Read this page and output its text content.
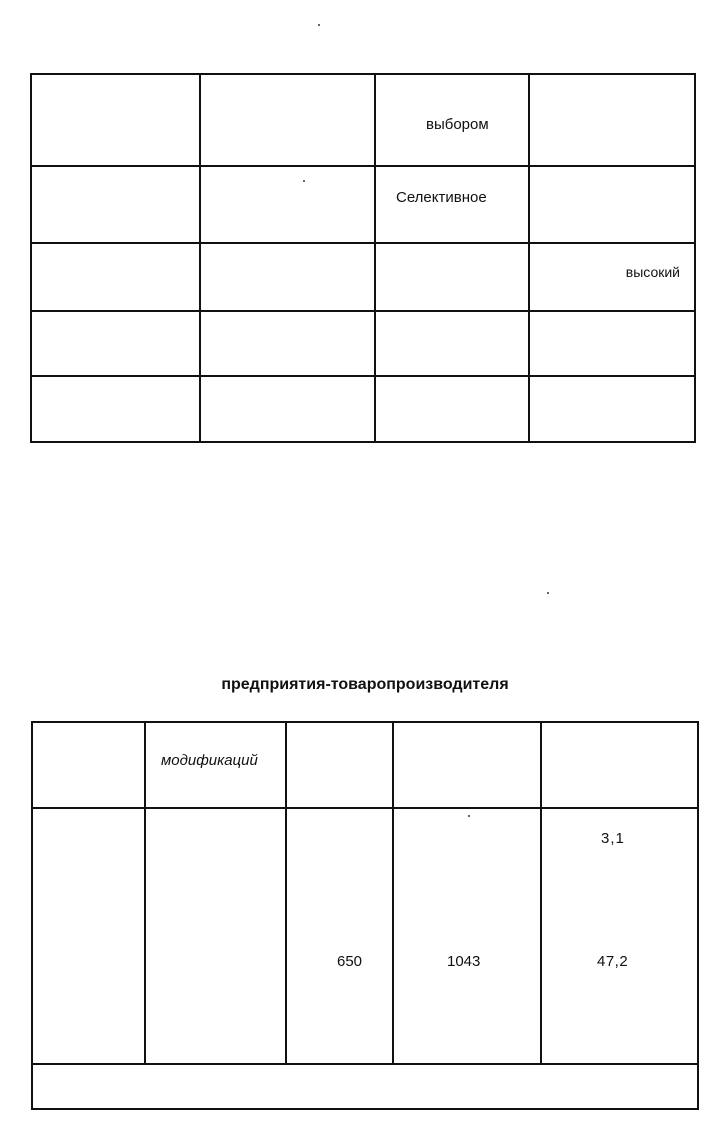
		выбором	

		Селективное	

			высокий

предприятия-товаропроизводителя

	модификаций			

		650	1043	3,1
47,2
